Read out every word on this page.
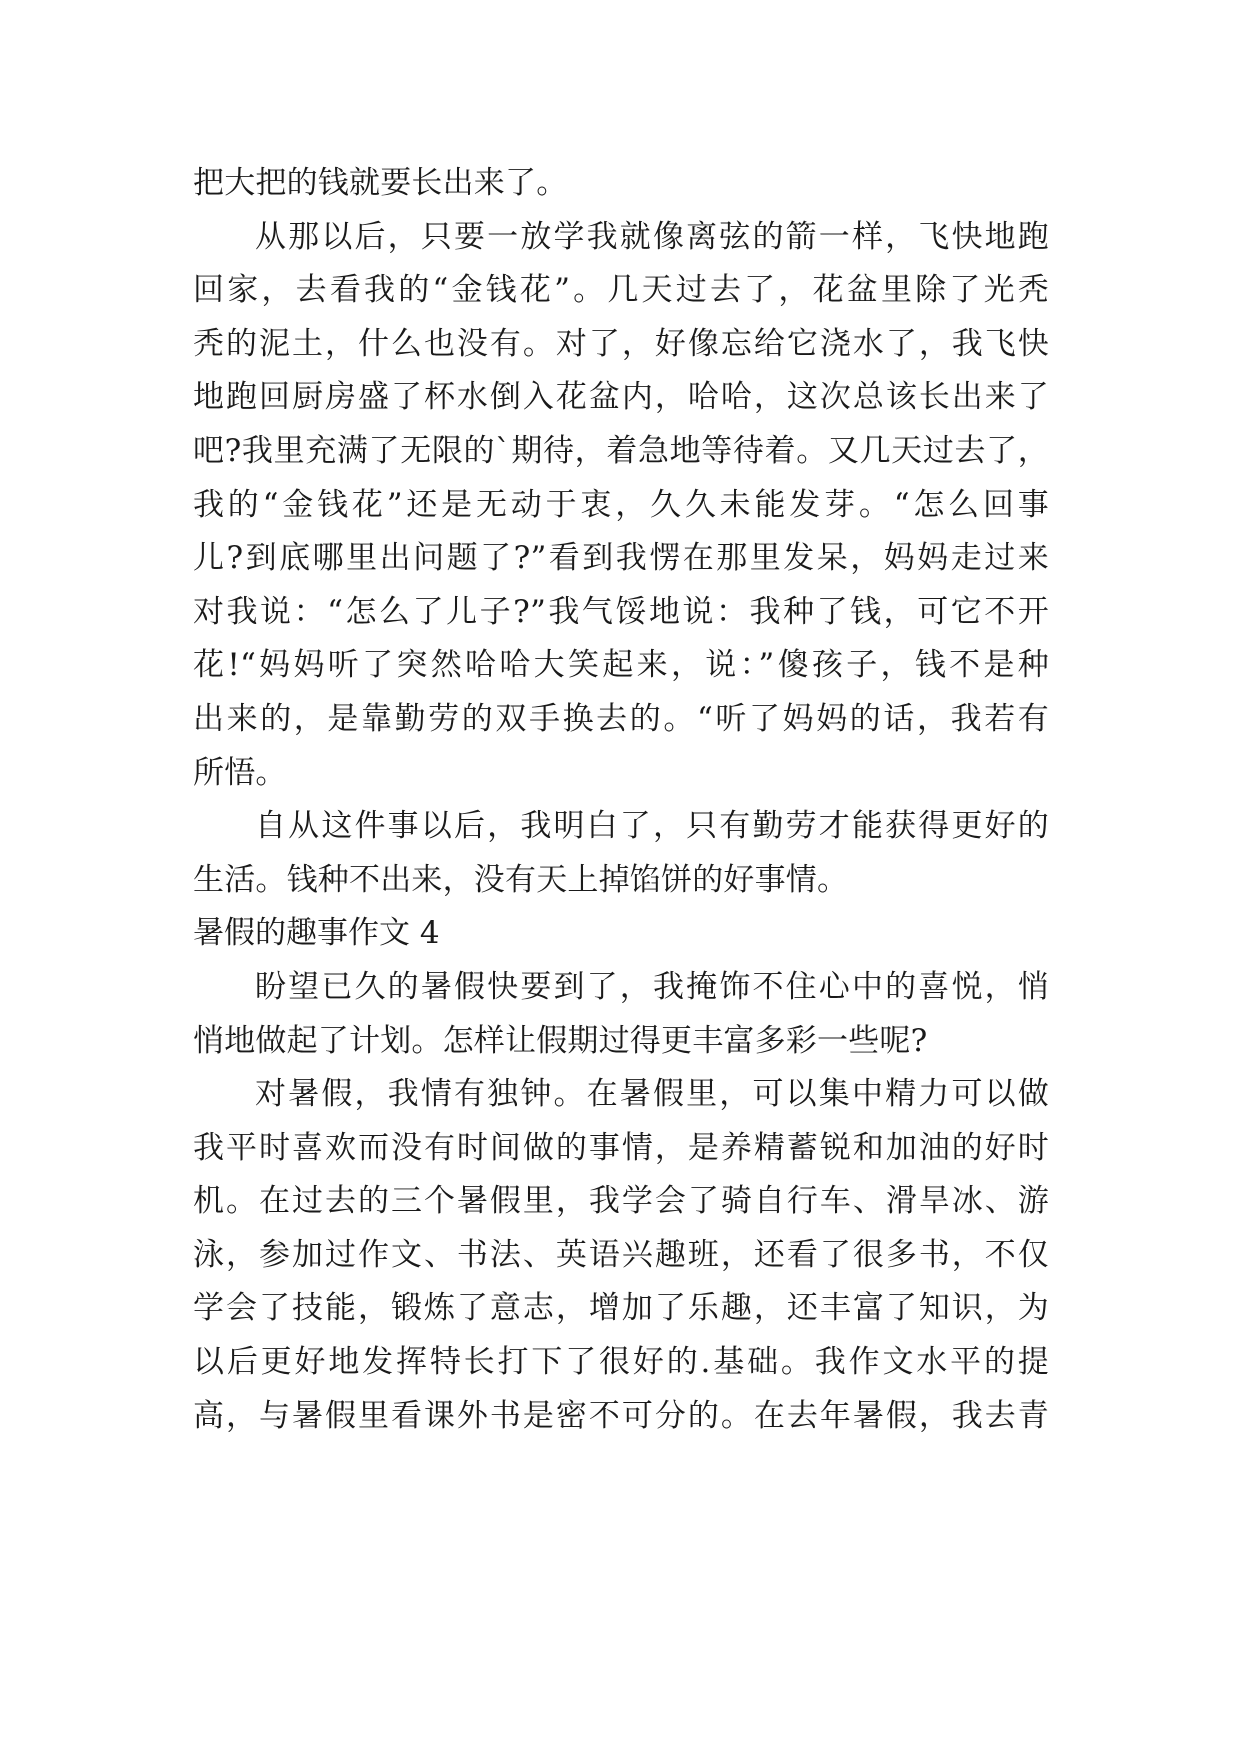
把大把的钱就要长出来了。
从那以后，只要一放学我就像离弦的箭一样，飞快地跑
回家，去看我的“金钱花”。几天过去了，花盆里除了光秃
秃的泥土，什么也没有。对了，好像忘给它浇水了，我飞快
地跑回厨房盛了杯水倒入花盆内，哈哈，这次总该长出来了
吧?我里充满了无限的`期待，着急地等待着。又几天过去了，
我的“金钱花”还是无动于衷，久久未能发芽。“怎么回事
儿?到底哪里出问题了?”看到我愣在那里发呆，妈妈走过来
对我说：“怎么了儿子?”我气馁地说：我种了钱，可它不开
花!“妈妈听了突然哈哈大笑起来，说：”傻孩子，钱不是种
出来的，是靠勤劳的双手换去的。“听了妈妈的话，我若有
所悟。
自从这件事以后，我明白了，只有勤劳才能获得更好的
生活。钱种不出来，没有天上掉馅饼的好事情。
暑假的趣事作文 4
盼望已久的暑假快要到了，我掩饰不住心中的喜悦，悄
悄地做起了计划。怎样让假期过得更丰富多彩一些呢?
对暑假，我情有独钟。在暑假里，可以集中精力可以做
我平时喜欢而没有时间做的事情，是养精蓄锐和加油的好时
机。在过去的三个暑假里，我学会了骑自行车、滑旱冰、游
泳，参加过作文、书法、英语兴趣班，还看了很多书，不仅
学会了技能，锻炼了意志，增加了乐趣，还丰富了知识，为
以后更好地发挥特长打下了很好的.基础。我作文水平的提
高，与暑假里看课外书是密不可分的。在去年暑假，我去青
